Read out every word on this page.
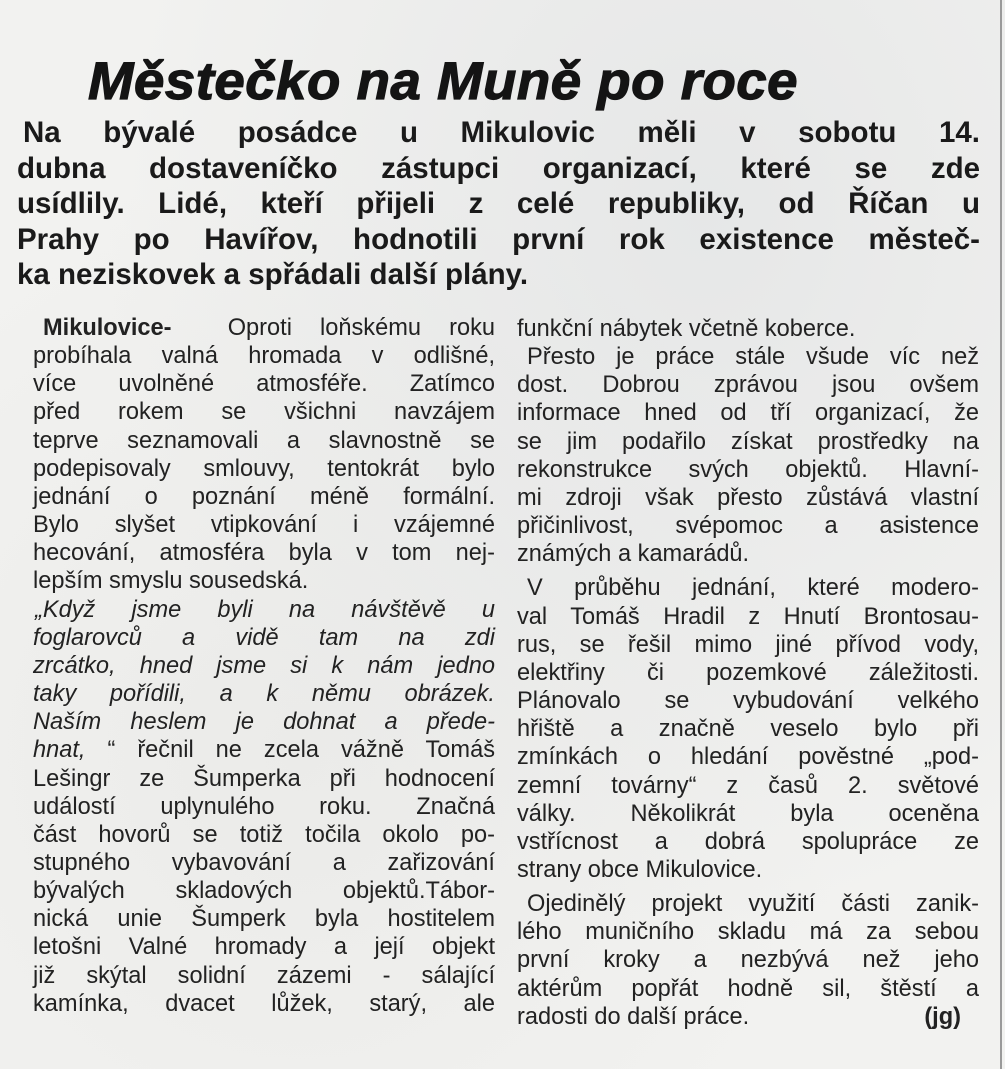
Městečko na Muně po roce
Na bývalé posádce u Mikulovic měli v sobotu 14.
dubna dostaveníčko zástupci organizací, které se zde
usídlily. Lidé, kteří přijeli z celé republiky, od Říčan u
Prahy po Havířov, hodnotili první rok existence městeč-
ka neziskovek a spřádali další plány.
Mikulovice- Oproti loňskému roku
probíhala valná hromada v odlišné,
více uvolněné atmosféře. Zatímco
před rokem se všichni navzájem
teprve seznamovali a slavnostně se
podepisovaly smlouvy, tentokrát bylo
jednání o poznání méně formální.
Bylo slyšet vtipkování i vzájemné
hecování, atmosféra byla v tom nej-
lepším smyslu sousedská.
„Když jsme byli na návštěvě u
foglarovců a vidě tam na zdi
zrcátko, hned jsme si k nám jedno
taky pořídili, a k němu obrázek.
Naším heslem je dohnat a přede-
hnat, “ řečnil ne zcela vážně Tomáš
Lešingr ze Šumperka při hodnocení
událostí uplynulého roku. Značná
část hovorů se totiž točila okolo po-
stupného vybavování a zařizování
bývalých skladových objektů.Tábor-
nická unie Šumperk byla hostitelem
letošni Valné hromady a její objekt
již skýtal solidní zázemi - sálající
kamínka, dvacet lůžek, starý, ale
funkční nábytek včetně koberce.
Přesto je práce stále všude víc než
dost. Dobrou zprávou jsou ovšem
informace hned od tří organizací, že
se jim podařilo získat prostředky na
rekonstrukce svých objektů. Hlavní-
mi zdroji však přesto zůstává vlastní
přičinlivost, svépomoc a asistence
známých a kamarádů.
V průběhu jednání, které modero-
val Tomáš Hradil z Hnutí Brontosau-
rus, se řešil mimo jiné přívod vody,
elektřiny či pozemkové záležitosti.
Plánovalo se vybudování velkého
hřiště a značně veselo bylo při
zmínkách o hledání pověstné „pod-
zemní továrny“ z časů 2. světové
války. Několikrát byla oceněna
vstřícnost a dobrá spolupráce ze
strany obce Mikulovice.
Ojedinělý projekt využití části zanik-
lého muničního skladu má za sebou
první kroky a nezbývá než jeho
aktérům popřát hodně sil, štěstí a
radosti do další práce.	(jg)
